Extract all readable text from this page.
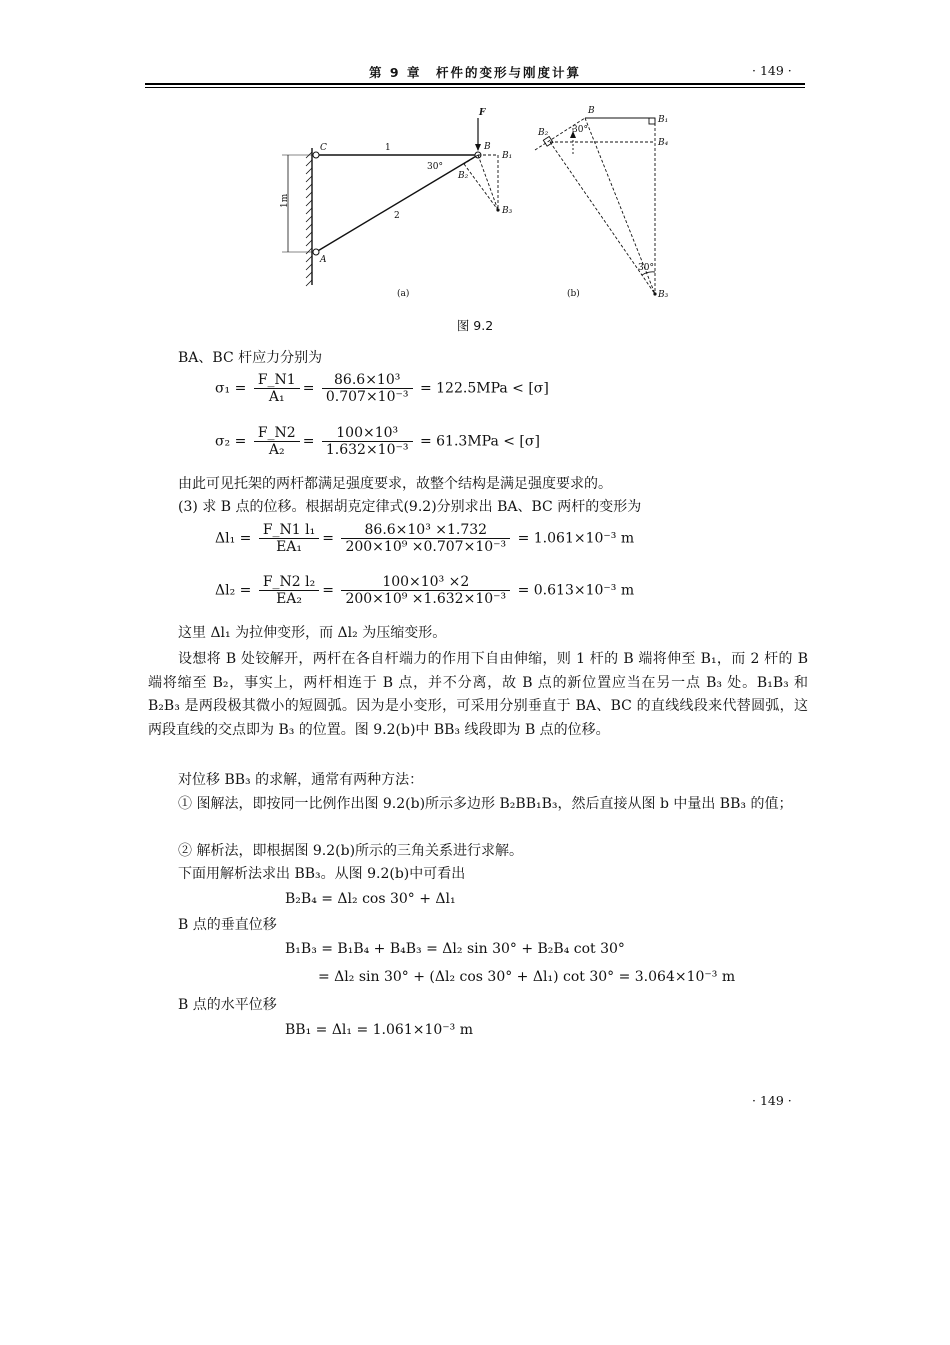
第 9 章　杆件的变形与刚度计算	· 149 ·
C
A
B
F
B₁
B₂
B₃
B
B₁
B₄
B₂
B₃
1
2
30°
30°
30°
1m
(a)	(b)
图 9.2
BA、BC 杆应力分别为
$\sigma_1 = \frac{F\_N1}{\text{A₁}} = \frac{\text{86.6×10³}}{\text{0.707×10⁻³}} = 122.5MPa < [\sigma]$
$\sigma_2 = \frac{F\_N2}{\text{A₂}} = \frac{\text{100×10³}}{\text{1.632×10⁻³}} = 61.3MPa < [\sigma]$
由此可见托架的两杆都满足强度要求，故整个结构是满足强度要求的。
(3) 求 B 点的位移。根据胡克定律式(9.2)分别求出 BA、BC 两杆的变形为
$\Delta l_1 = \frac{\text{F\_N1 l₁}}{\text{EA₁}} = \frac{\text{86.6×10³ ×1.732}}{\text{200×10⁹ ×0.707×10⁻³}} = 1.061\times 10^{-3}$ m
$\Delta l_2 = \frac{\text{F\_N2 l₂}}{\text{EA₂}} = \frac{\text{100×10³ ×2}}{\text{200×10⁹ ×1.632×10⁻³}} = 0.613\times 10^{-3}$ m
这里 Δl₁ 为拉伸变形，而 Δl₂ 为压缩变形。
设想将 B 处铰解开，两杆在各自杆端力的作用下自由伸缩，则 1 杆的 B 端将伸至 B₁，而 2 杆的 B 端将缩至 B₂，事实上，两杆相连于 B 点，并不分离，故 B 点的新位置应当在另一点 B₃ 处。B₁B₃ 和 B₂B₃ 是两段极其微小的短圆弧。因为是小变形，可采用分别垂直于 BA、BC 的直线线段来代替圆弧，这两段直线的交点即为 B₃ 的位置。图 9.2(b)中 BB₃ 线段即为 B 点的位移。
对位移 BB₃ 的求解，通常有两种方法：
① 图解法，即按同一比例作出图 9.2(b)所示多边形 B₂BB₁B₃，然后直接从图 b 中量出 BB₃ 的值；
② 解析法，即根据图 9.2(b)所示的三角关系进行求解。
下面用解析法求出 BB₃。从图 9.2(b)中可看出
B₂B₄ = Δl₂ cos 30° + Δl₁
B 点的垂直位移
B₁B₃ = B₁B₄ + B₄B₃ = Δl₂ sin 30° + B₂B₄ cot 30°
= Δl₂ sin 30° + (Δl₂ cos 30° + Δl₁) cot 30° = 3.064×10⁻³ m
B 点的水平位移
BB₁ = Δl₁ = 1.061×10⁻³ m
· 149 ·
